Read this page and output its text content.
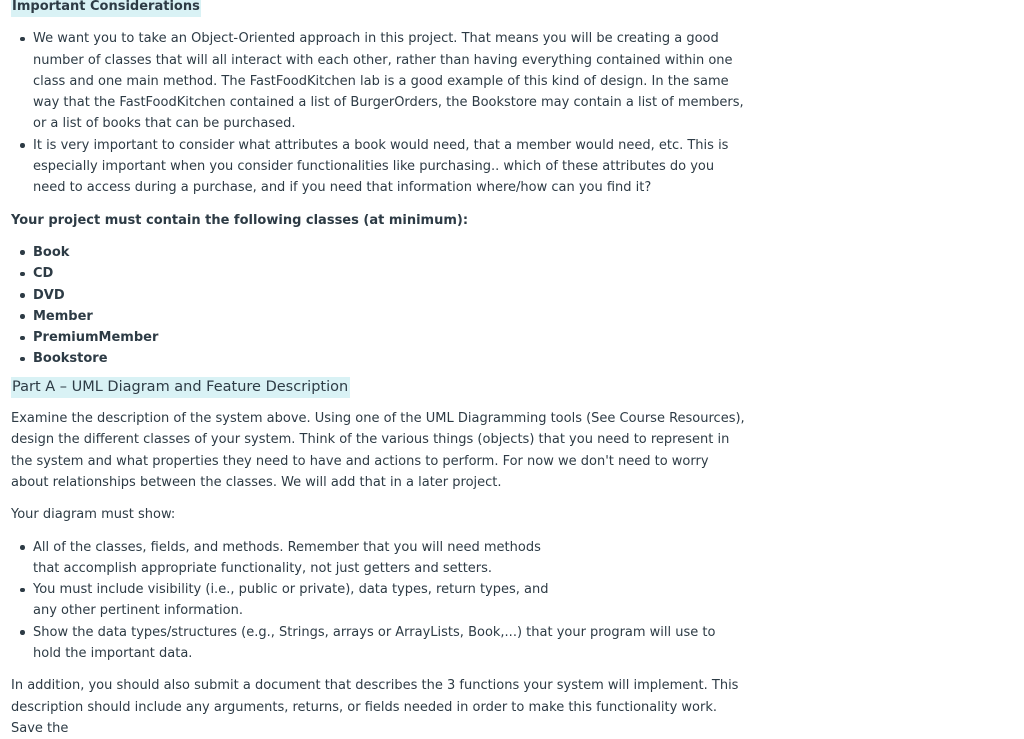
Important Considerations
We want you to take an Object-Oriented approach in this project. That means you will be creating a good number of classes that will all interact with each other, rather than having everything contained within one class and one main method. The FastFoodKitchen lab is a good example of this kind of design. In the same way that the FastFoodKitchen contained a list of BurgerOrders, the Bookstore may contain a list of members, or a list of books that can be purchased.
It is very important to consider what attributes a book would need, that a member would need, etc. This is especially important when you consider functionalities like purchasing.. which of these attributes do you need to access during a purchase, and if you need that information where/how can you find it?

Your project must contain the following classes (at minimum):

Book
CD
DVD
Member
PremiumMember
Bookstore
Part A – UML Diagram and Feature Description

Examine the description of the system above. Using one of the UML Diagramming tools (See Course Resources), design the different classes of your system. Think of the various things (objects) that you need to represent in the system and what properties they need to have and actions to perform. For now we don't need to worry about relationships between the classes. We will add that in a later project.

Your diagram must show:

All of the classes, fields, and methods. Remember that you will need methods that accomplish appropriate functionality, not just getters and setters.
You must include visibility (i.e., public or private), data types, return types, and any other pertinent information.
Show the data types/structures (e.g., Strings, arrays or ArrayLists, Book,...) that your program will use to hold the important data.

In addition, you should also submit a document that describes the 3 functions your system will implement. This description should include any arguments, returns, or fields needed in order to make this functionality work. Save the
